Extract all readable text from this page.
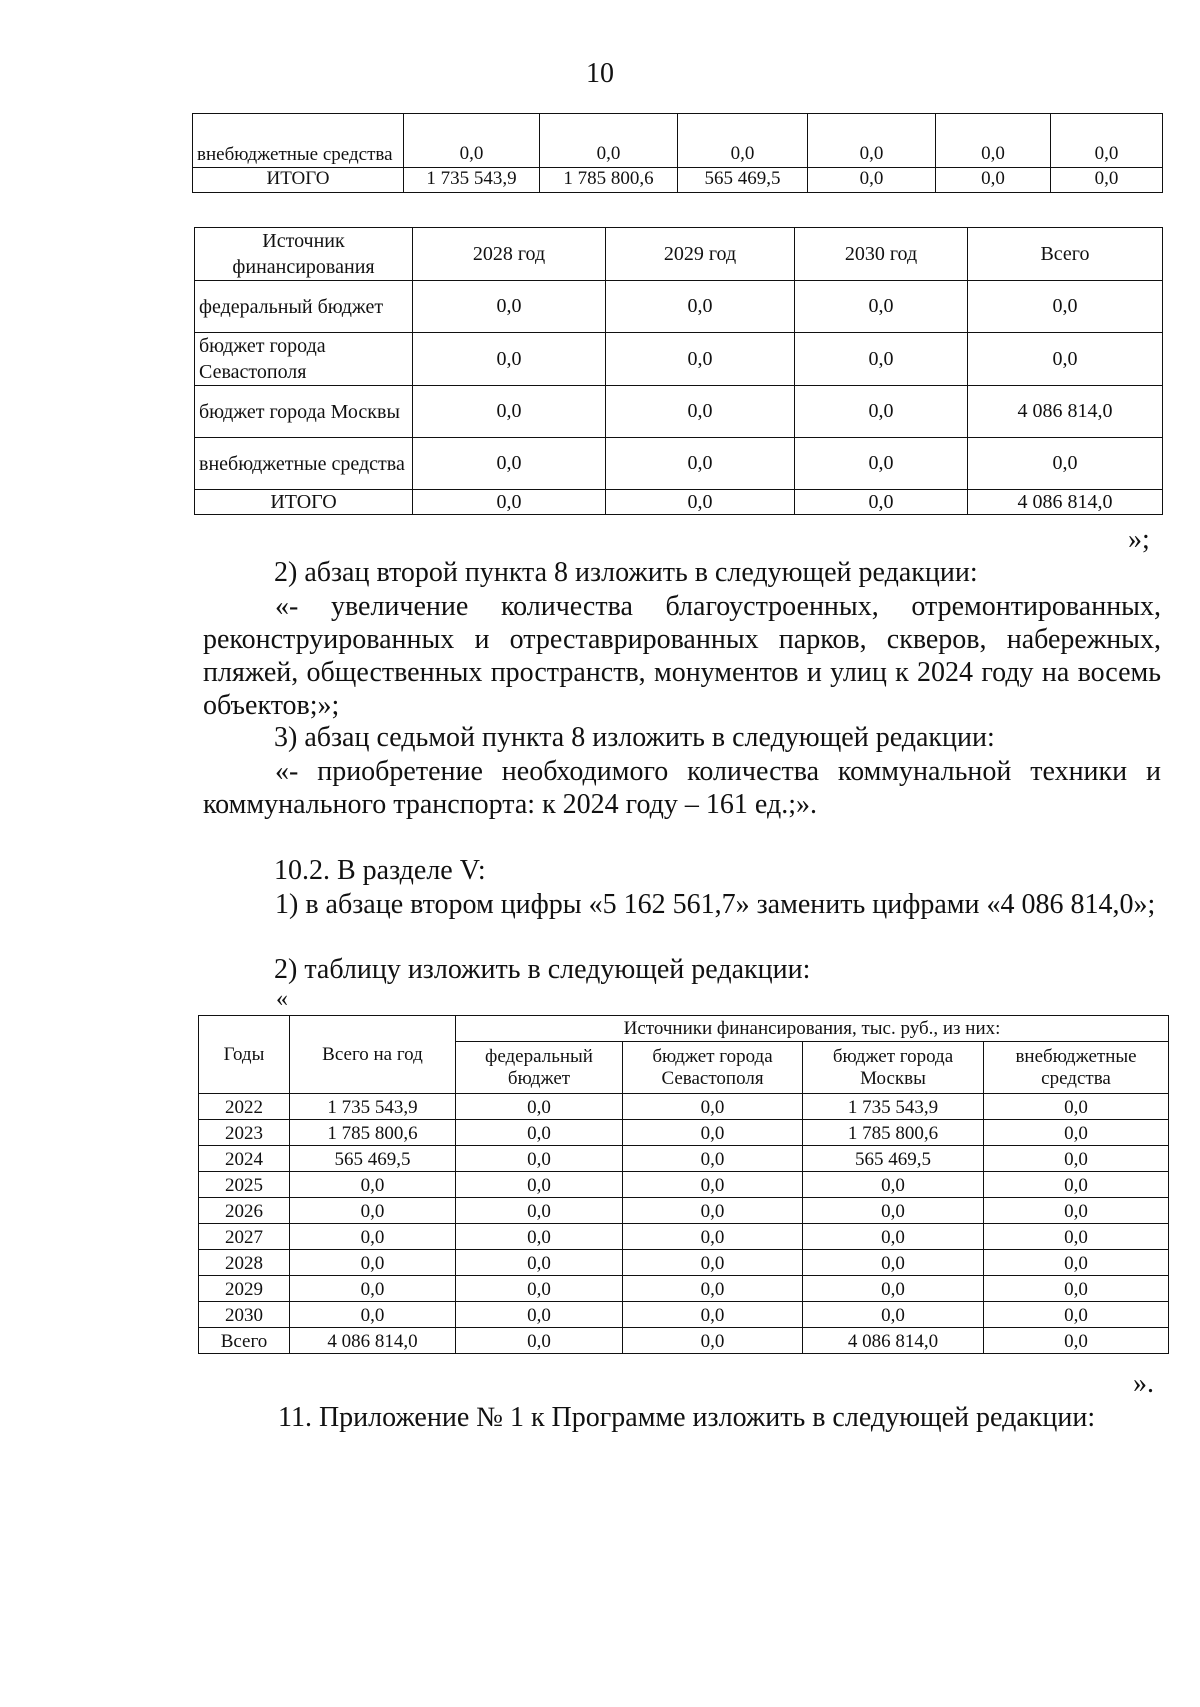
10
внебюджетные средства	0,0	0,0	0,0	0,0	0,0	0,0
ИТОГО	1 735 543,9	1 785 800,6	565 469,5	0,0	0,0	0,0
Источник финансирования	2028 год	2029 год	2030 год	Всего
федеральный бюджет	0,0	0,0	0,0	0,0
бюджет города Севастополя	0,0	0,0	0,0	0,0
бюджет города Москвы	0,0	0,0	0,0	4 086 814,0
внебюджетные средства	0,0	0,0	0,0	0,0
ИТОГО	0,0	0,0	0,0	4 086 814,0
»;

2) абзац второй пункта 8 изложить в следующей редакции:

«- увеличение количества благоустроенных, отремонтированных, реконструированных и отреставрированных парков, скверов, набережных, пляжей, общественных пространств, монументов и улиц к 2024 году на восемь объектов;»;

3) абзац седьмой пункта 8 изложить в следующей редакции:

«- приобретение необходимого количества коммунальной техники и коммунального транспорта: к 2024 году – 161 ед.;».

10.2. В разделе V:

1) в абзаце втором цифры «5 162 561,7» заменить цифрами «4 086 814,0»;

2) таблицу изложить в следующей редакции:

«

Годы	Всего на год	Источники финансирования, тыс. руб., из них:			
		федеральный бюджет	бюджет города Севастополя	бюджет города Москвы	внебюджетные средства
2022	1 735 543,9	0,0	0,0	1 735 543,9	0,0
2023	1 785 800,6	0,0	0,0	1 785 800,6	0,0
2024	565 469,5	0,0	0,0	565 469,5	0,0
2025	0,0	0,0	0,0	0,0	0,0
2026	0,0	0,0	0,0	0,0	0,0
2027	0,0	0,0	0,0	0,0	0,0
2028	0,0	0,0	0,0	0,0	0,0
2029	0,0	0,0	0,0	0,0	0,0
2030	0,0	0,0	0,0	0,0	0,0
Всего	4 086 814,0	0,0	0,0	4 086 814,0	0,0
».

11. Приложение № 1 к Программе изложить в следующей редакции:
